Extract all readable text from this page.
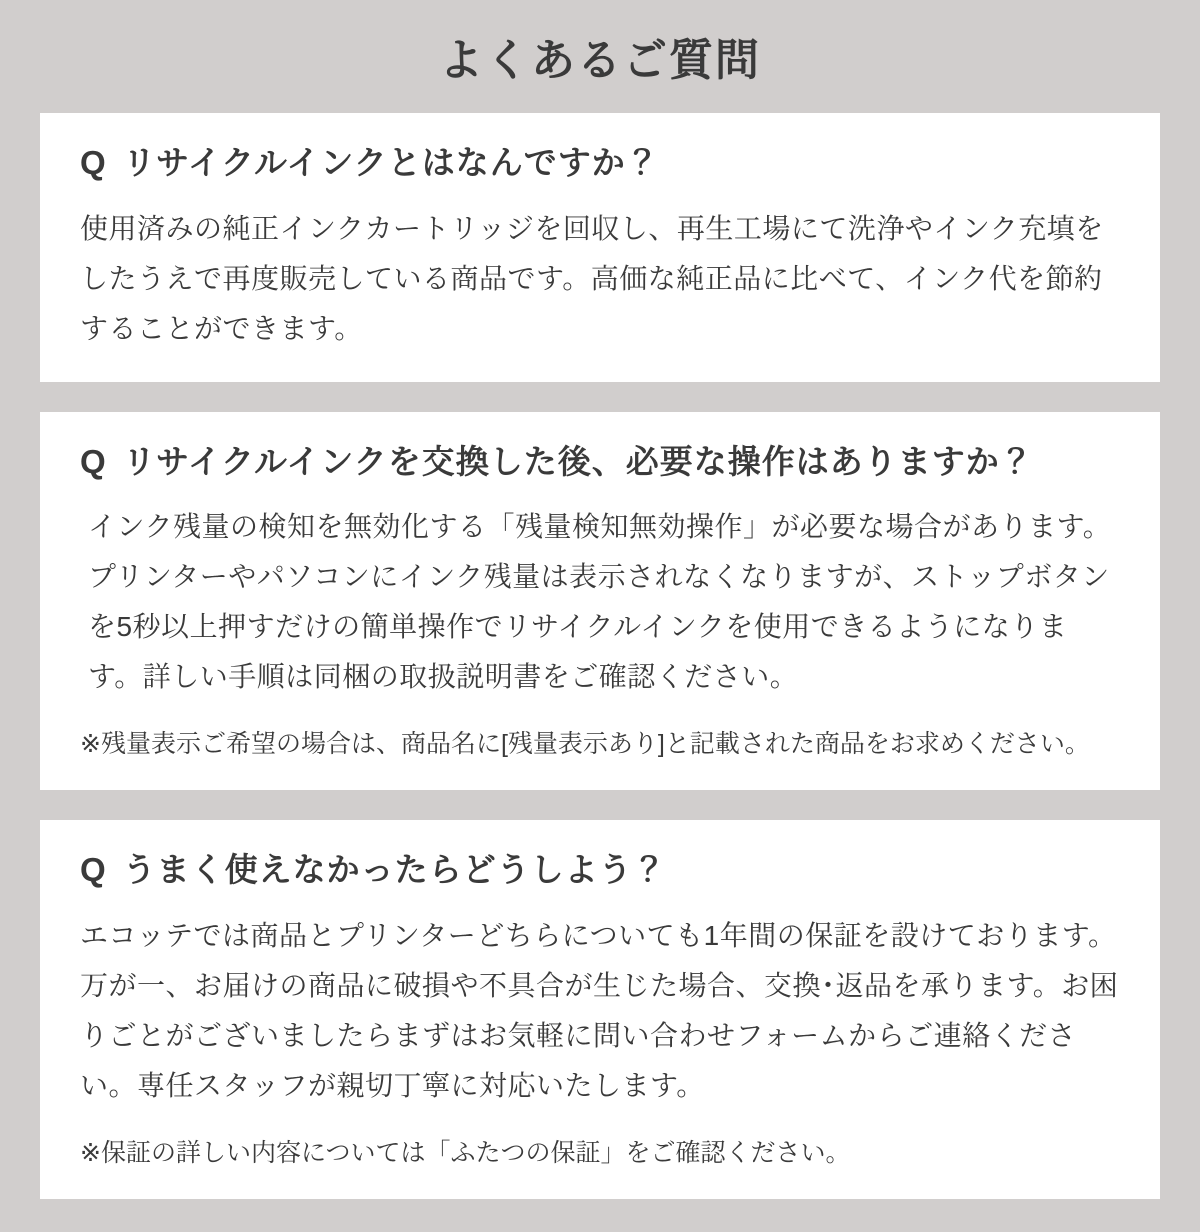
よくあるご質問
Q リサイクルインクとはなんですか？

使用済みの純正インクカートリッジを回収し、再生工場にて洗浄やインク充填をしたうえで再度販売している商品です。高価な純正品に比べて、インク代を節約することができます。

Q リサイクルインクを交換した後、必要な操作はありますか？

インク残量の検知を無効化する「残量検知無効操作」が必要な場合があります。プリンターやパソコンにインク残量は表示されなくなりますが、ストップボタンを5秒以上押すだけの簡単操作でリサイクルインクを使用できるようになります。詳しい手順は同梱の取扱説明書をご確認ください。

※残量表示ご希望の場合は、商品名に[残量表示あり]と記載された商品をお求めください。

Q うまく使えなかったらどうしよう？

エコッテでは商品とプリンターどちらについても1年間の保証を設けております。万が一、お届けの商品に破損や不具合が生じた場合、交換･返品を承ります。お困りごとがございましたらまずはお気軽に問い合わせフォームからご連絡ください。専任スタッフが親切丁寧に対応いたします。

※保証の詳しい内容については「ふたつの保証」をご確認ください。
